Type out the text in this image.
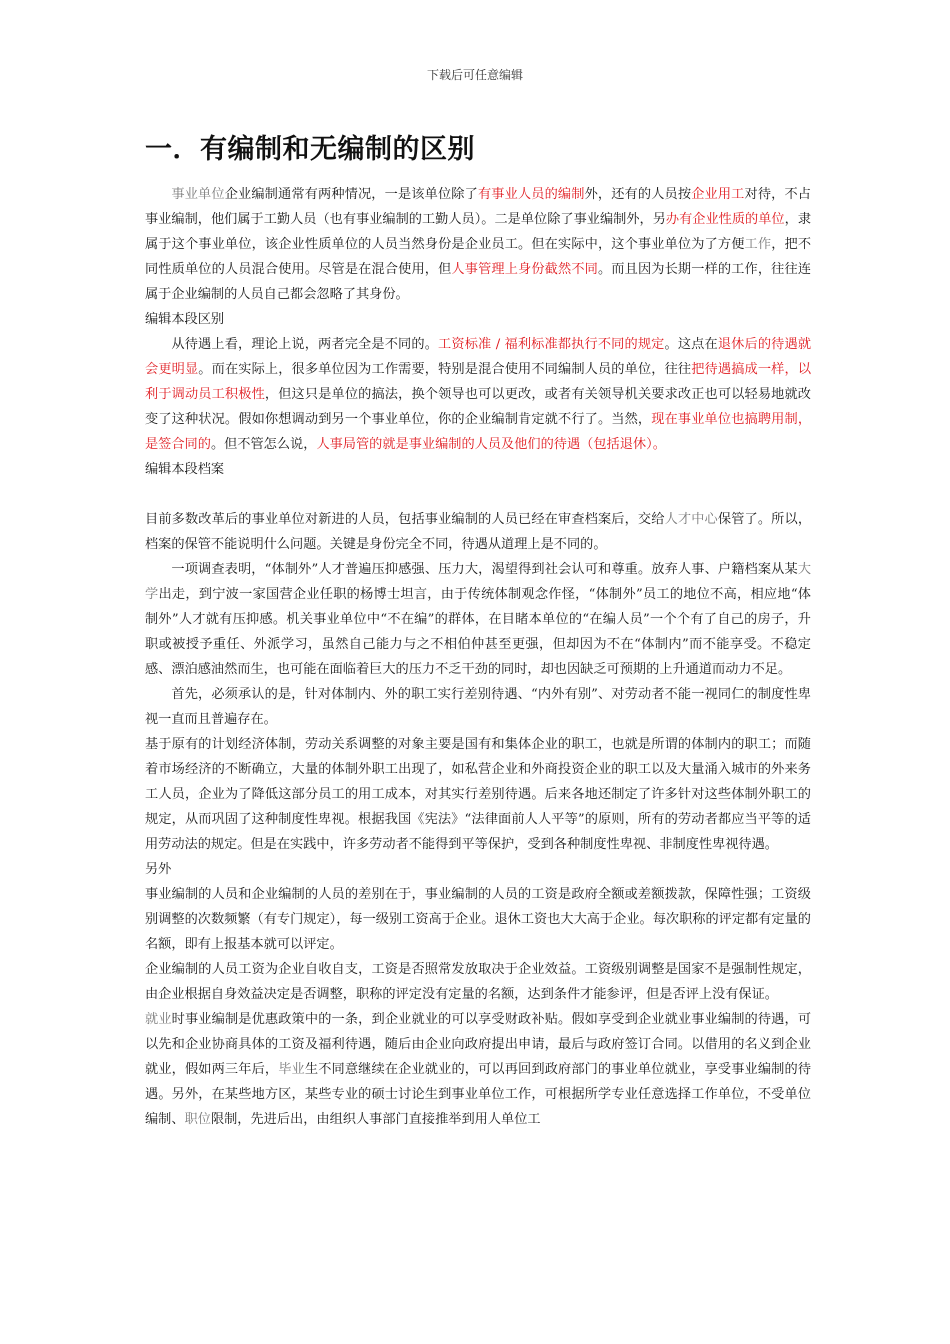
下载后可任意编辑
一．有编制和无编制的区别

事业单位企业编制通常有两种情况，一是该单位除了有事业人员的编制外，还有的人员按企业用工对待，不占事业编制，他们属于工勤人员（也有事业编制的工勤人员）。二是单位除了事业编制外，另办有企业性质的单位，隶属于这个事业单位，该企业性质单位的人员当然身份是企业员工。但在实际中，这个事业单位为了方便工作，把不同性质单位的人员混合使用。尽管是在混合使用，但人事管理上身份截然不同。而且因为长期一样的工作，往往连属于企业编制的人员自己都会忽略了其身份。

编辑本段区别

从待遇上看，理论上说，两者完全是不同的。工资标准 / 福利标准都执行不同的规定。这点在退休后的待遇就会更明显。而在实际上，很多单位因为工作需要，特别是混合使用不同编制人员的单位，往往把待遇搞成一样，以利于调动员工积极性，但这只是单位的搞法，换个领导也可以更改，或者有关领导机关要求改正也可以轻易地就改变了这种状况。假如你想调动到另一个事业单位，你的企业编制肯定就不行了。当然，现在事业单位也搞聘用制，是签合同的。但不管怎么说，人事局管的就是事业编制的人员及他们的待遇（包括退休）。

编辑本段档案

目前多数改革后的事业单位对新进的人员，包括事业编制的人员已经在审查档案后，交给人才中心保管了。所以，档案的保管不能说明什么问题。关键是身份完全不同，待遇从道理上是不同的。

一项调查表明，“体制外”人才普遍压抑感强、压力大，渴望得到社会认可和尊重。放弃人事、户籍档案从某大学出走，到宁波一家国营企业任职的杨博士坦言，由于传统体制观念作怪，“体制外”员工的地位不高，相应地“体制外”人才就有压抑感。机关事业单位中“不在编”的群体，在目睹本单位的“在编人员”一个个有了自己的房子，升职或被授予重任、外派学习，虽然自己能力与之不相伯仲甚至更强，但却因为不在“体制内”而不能享受。不稳定感、漂泊感油然而生，也可能在面临着巨大的压力不乏干劲的同时，却也因缺乏可预期的上升通道而动力不足。

首先，必须承认的是，针对体制内、外的职工实行差别待遇、“内外有别”、对劳动者不能一视同仁的制度性卑视一直而且普遍存在。

基于原有的计划经济体制，劳动关系调整的对象主要是国有和集体企业的职工，也就是所谓的体制内的职工；而随着市场经济的不断确立，大量的体制外职工出现了，如私营企业和外商投资企业的职工以及大量涌入城市的外来务工人员，企业为了降低这部分员工的用工成本，对其实行差别待遇。后来各地还制定了许多针对这些体制外职工的规定，从而巩固了这种制度性卑视。根据我国《宪法》“法律面前人人平等”的原则，所有的劳动者都应当平等的适用劳动法的规定。但是在实践中，许多劳动者不能得到平等保护，受到各种制度性卑视、非制度性卑视待遇。

另外

事业编制的人员和企业编制的人员的差别在于，事业编制的人员的工资是政府全额或差额拨款，保障性强；工资级别调整的次数频繁（有专门规定），每一级别工资高于企业。退休工资也大大高于企业。每次职称的评定都有定量的名额，即有上报基本就可以评定。

企业编制的人员工资为企业自收自支，工资是否照常发放取决于企业效益。工资级别调整是国家不是强制性规定，由企业根据自身效益决定是否调整，职称的评定没有定量的名额，达到条件才能参评，但是否评上没有保证。

就业时事业编制是优惠政策中的一条，到企业就业的可以享受财政补贴。假如享受到企业就业事业编制的待遇，可以先和企业协商具体的工资及福利待遇，随后由企业向政府提出申请，最后与政府签订合同。以借用的名义到企业就业，假如两三年后，毕业生不同意继续在企业就业的，可以再回到政府部门的事业单位就业，享受事业编制的待遇。另外，在某些地方区，某些专业的硕士讨论生到事业单位工作，可根据所学专业任意选择工作单位，不受单位编制、职位限制，先进后出，由组织人事部门直接推举到用人单位工
